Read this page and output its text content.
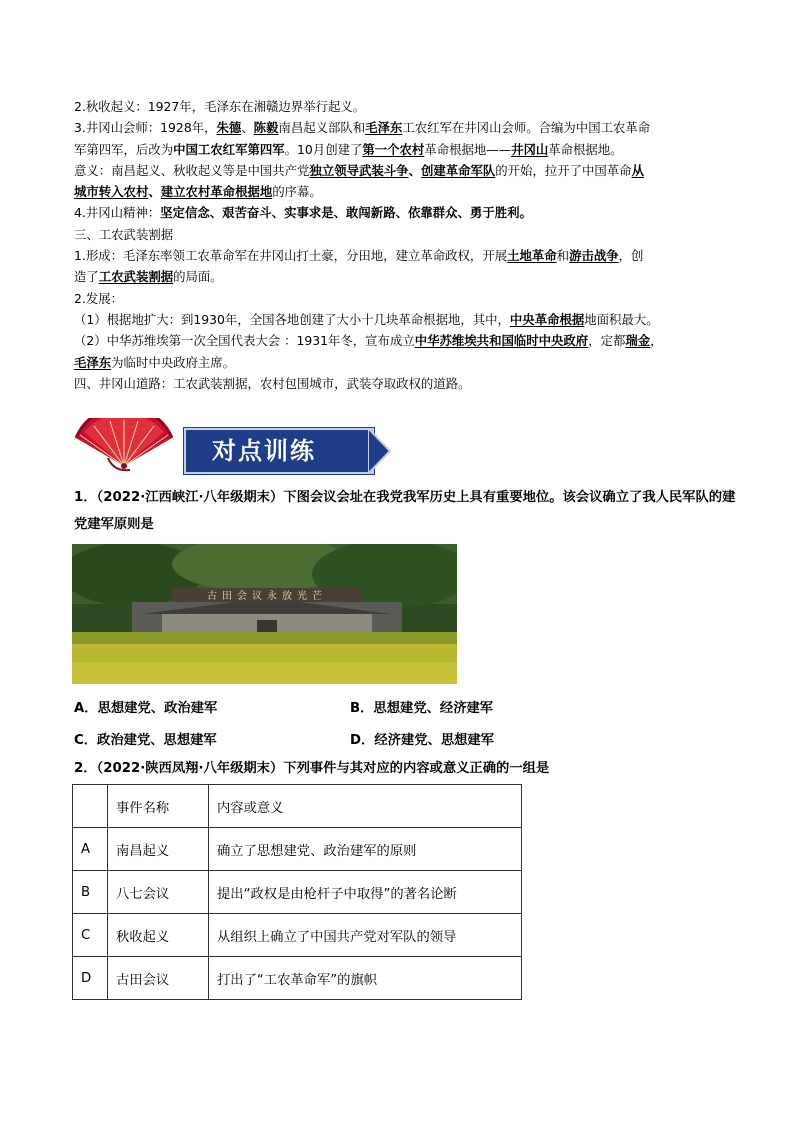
2.秋收起义：1927年，毛泽东在湘赣边界举行起义。

3.井冈山会师：1928年，朱德、陈毅南昌起义部队和毛泽东工农红军在井冈山会师。合编为中国工农革命

军第四军，后改为中国工农红军第四军。10月创建了第一个农村革命根据地——井冈山革命根据地。

意义：南昌起义、秋收起义等是中国共产党独立领导武装斗争、创建革命军队的开始，拉开了中国革命从

城市转入农村、建立农村革命根据地的序幕。

4.井冈山精神：坚定信念、艰苦奋斗、实事求是、敢闯新路、依靠群众、勇于胜利。

三、工农武装割据

1.形成：毛泽东率领工农革命军在井冈山打土豪，分田地，建立革命政权，开展土地革命和游击战争，创

造了工农武装割据的局面。

2.发展：

（1）根据地扩大：到1930年，全国各地创建了大小十几块革命根据地，其中，中央革命根据地面积最大。

（2）中华苏维埃第一次全国代表大会 ：1931年冬，宣布成立中华苏维埃共和国临时中央政府，定都瑞金，

毛泽东为临时中央政府主席。

四、井冈山道路：工农武装割据，农村包围城市，武装夺取政权的道路。

对点训练
1．（2022·江西峡江·八年级期末）下图会议会址在我党我军历史上具有重要地位。该会议确立了我人民军队的建党建军原则是
古田会议永放光芒
A．思想建党、政治建军	B．思想建党、经济建军
C．政治建党、思想建军	D．经济建党、思想建军
2．（2022·陕西凤翔·八年级期末）下列事件与其对应的内容或意义正确的一组是
	事件名称	内容或意义
A	南昌起义	确立了思想建党、政治建军的原则
B	八七会议	提出“政权是由枪杆子中取得”的著名论断
C	秋收起义	从组织上确立了中国共产党对军队的领导
D	古田会议	打出了“工农革命军”的旗帜
